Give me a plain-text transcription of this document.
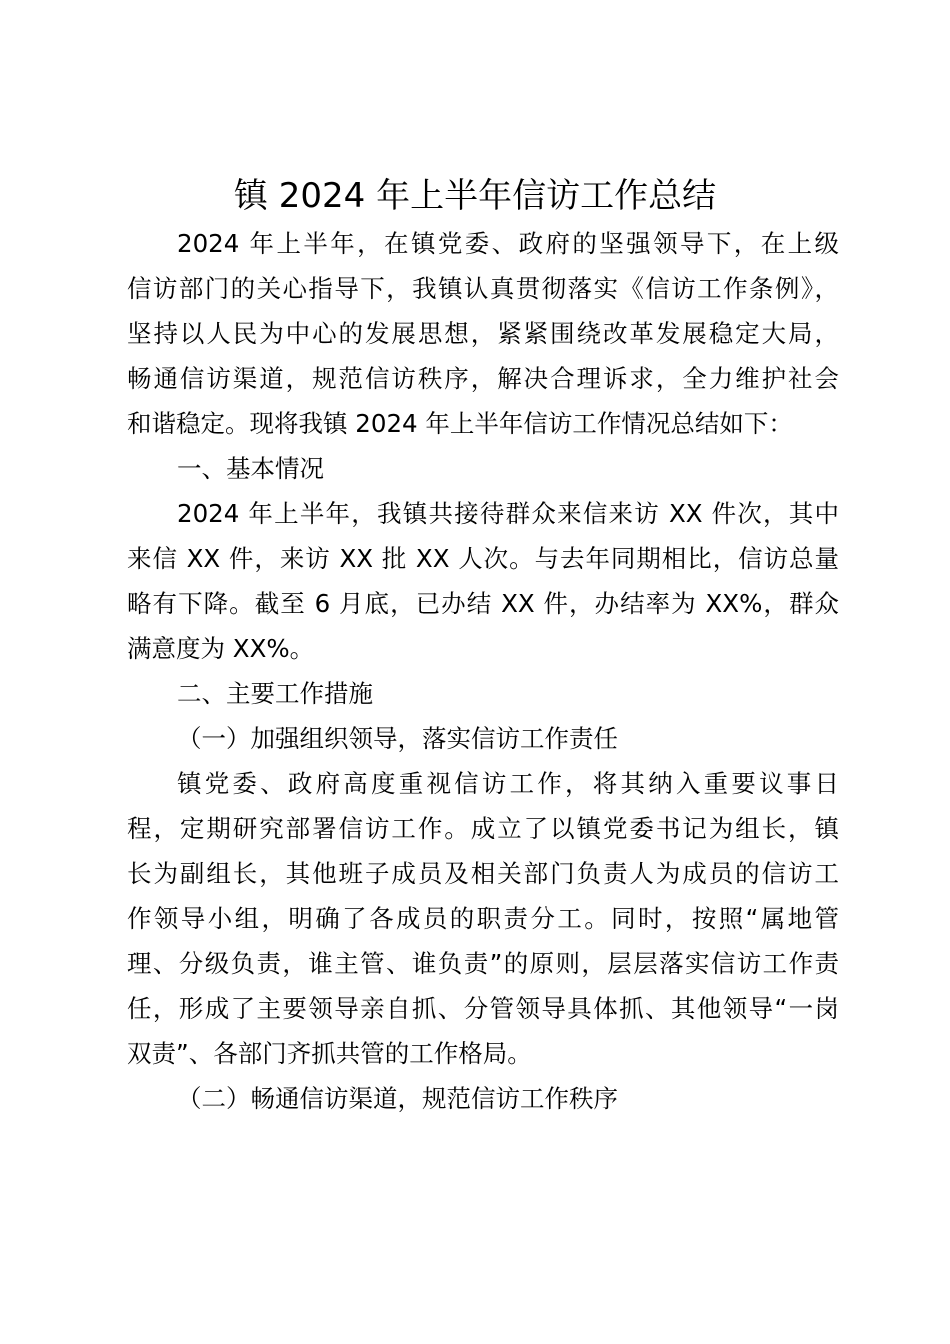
镇 2024 年上半年信访工作总结
2024 年上半年，在镇党委、政府的坚强领导下，在上级
信访部门的关心指导下，我镇认真贯彻落实《信访工作条例》，
坚持以人民为中心的发展思想，紧紧围绕改革发展稳定大局，
畅通信访渠道，规范信访秩序，解决合理诉求，全力维护社会
和谐稳定。现将我镇 2024 年上半年信访工作情况总结如下：
一、基本情况
2024 年上半年，我镇共接待群众来信来访 XX 件次，其中
来信 XX 件，来访 XX 批 XX 人次。与去年同期相比，信访总量
略有下降。截至 6 月底，已办结 XX 件，办结率为 XX%，群众
满意度为 XX%。
二、主要工作措施
（一）加强组织领导，落实信访工作责任
镇党委、政府高度重视信访工作，将其纳入重要议事日
程，定期研究部署信访工作。成立了以镇党委书记为组长，镇
长为副组长，其他班子成员及相关部门负责人为成员的信访工
作领导小组，明确了各成员的职责分工。同时，按照“属地管
理、分级负责，谁主管、谁负责”的原则，层层落实信访工作责
任，形成了主要领导亲自抓、分管领导具体抓、其他领导“一岗
双责”、各部门齐抓共管的工作格局。
（二）畅通信访渠道，规范信访工作秩序
